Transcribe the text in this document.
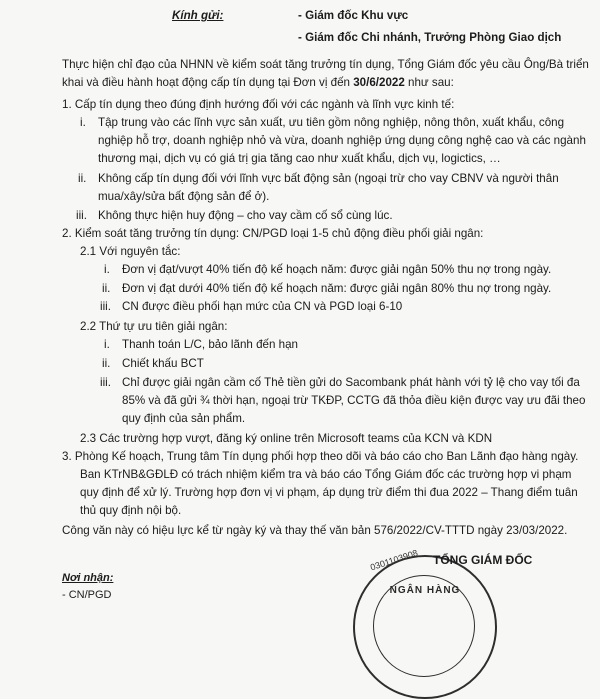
Kính gửi:	- Giám đốc Khu vực
- Giám đốc Chi nhánh, Trưởng Phòng Giao dịch
Thực hiện chỉ đạo của NHNN về kiểm soát tăng trưởng tín dụng, Tổng Giám đốc yêu cầu Ông/Bà triển
khai và điều hành hoạt động cấp tín dụng tại Đơn vị đến 30/6/2022 như sau:
1. Cấp tín dụng theo đúng định hướng đối với các ngành và lĩnh vực kinh tế:
i. Tập trung vào các lĩnh vực sản xuất, ưu tiên gồm nông nghiệp, nông thôn, xuất khẩu, công
nghiệp hỗ trợ, doanh nghiệp nhỏ và vừa, doanh nghiệp ứng dụng công nghệ cao và các ngành
thương mại, dịch vụ có giá trị gia tăng cao như xuất khẩu, dịch vụ, logictics, …
ii. Không cấp tín dụng đối với lĩnh vực bất động sản (ngoại trừ cho vay CBNV và người thân
mua/xây/sửa bất động sản để ở).
iii. Không thực hiện huy động – cho vay cầm cố sổ cùng lúc.
2. Kiểm soát tăng trưởng tín dụng: CN/PGD loại 1-5 chủ động điều phối giải ngân:
2.1 Với nguyên tắc:
i. Đơn vị đạt/vượt 40% tiến độ kế hoạch năm: được giải ngân 50% thu nợ trong ngày.
ii. Đơn vị đạt dưới 40% tiến độ kế hoạch năm: được giải ngân 80% thu nợ trong ngày.
iii. CN được điều phối hạn mức của CN và PGD loại 6-10
2.2 Thứ tự ưu tiên giải ngân:
i. Thanh toán L/C, bảo lãnh đến hạn
ii. Chiết khấu BCT
iii. Chỉ được giải ngân cầm cố Thẻ tiền gửi do Sacombank phát hành với tỷ lệ cho vay tối đa
85% và đã gửi ¾ thời hạn, ngoại trừ TKĐP, CCTG đã thỏa điều kiện được vay ưu đãi theo
quy định của sản phẩm.
2.3 Các trường hợp vượt, đăng ký online trên Microsoft teams của KCN và KDN
3. Phòng Kế hoạch, Trung tâm Tín dụng phối hợp theo dõi và báo cáo cho Ban Lãnh đạo hàng ngày.
Ban KTrNB&GĐLĐ có trách nhiệm kiểm tra và báo cáo Tổng Giám đốc các trường hợp vi phạm
quy định để xử lý. Trường hợp đơn vị vi phạm, áp dụng trừ điểm thi đua 2022 – Thang điểm tuân
thủ quy định nội bộ.
Công văn này có hiệu lực kể từ ngày ký và thay thế văn bản 576/2022/CV-TTTD ngày 23/03/2022.
0301103908
NGÂN HÀNG
TỔNG GIÁM ĐỐC
Nơi nhận:
- CN/PGD
